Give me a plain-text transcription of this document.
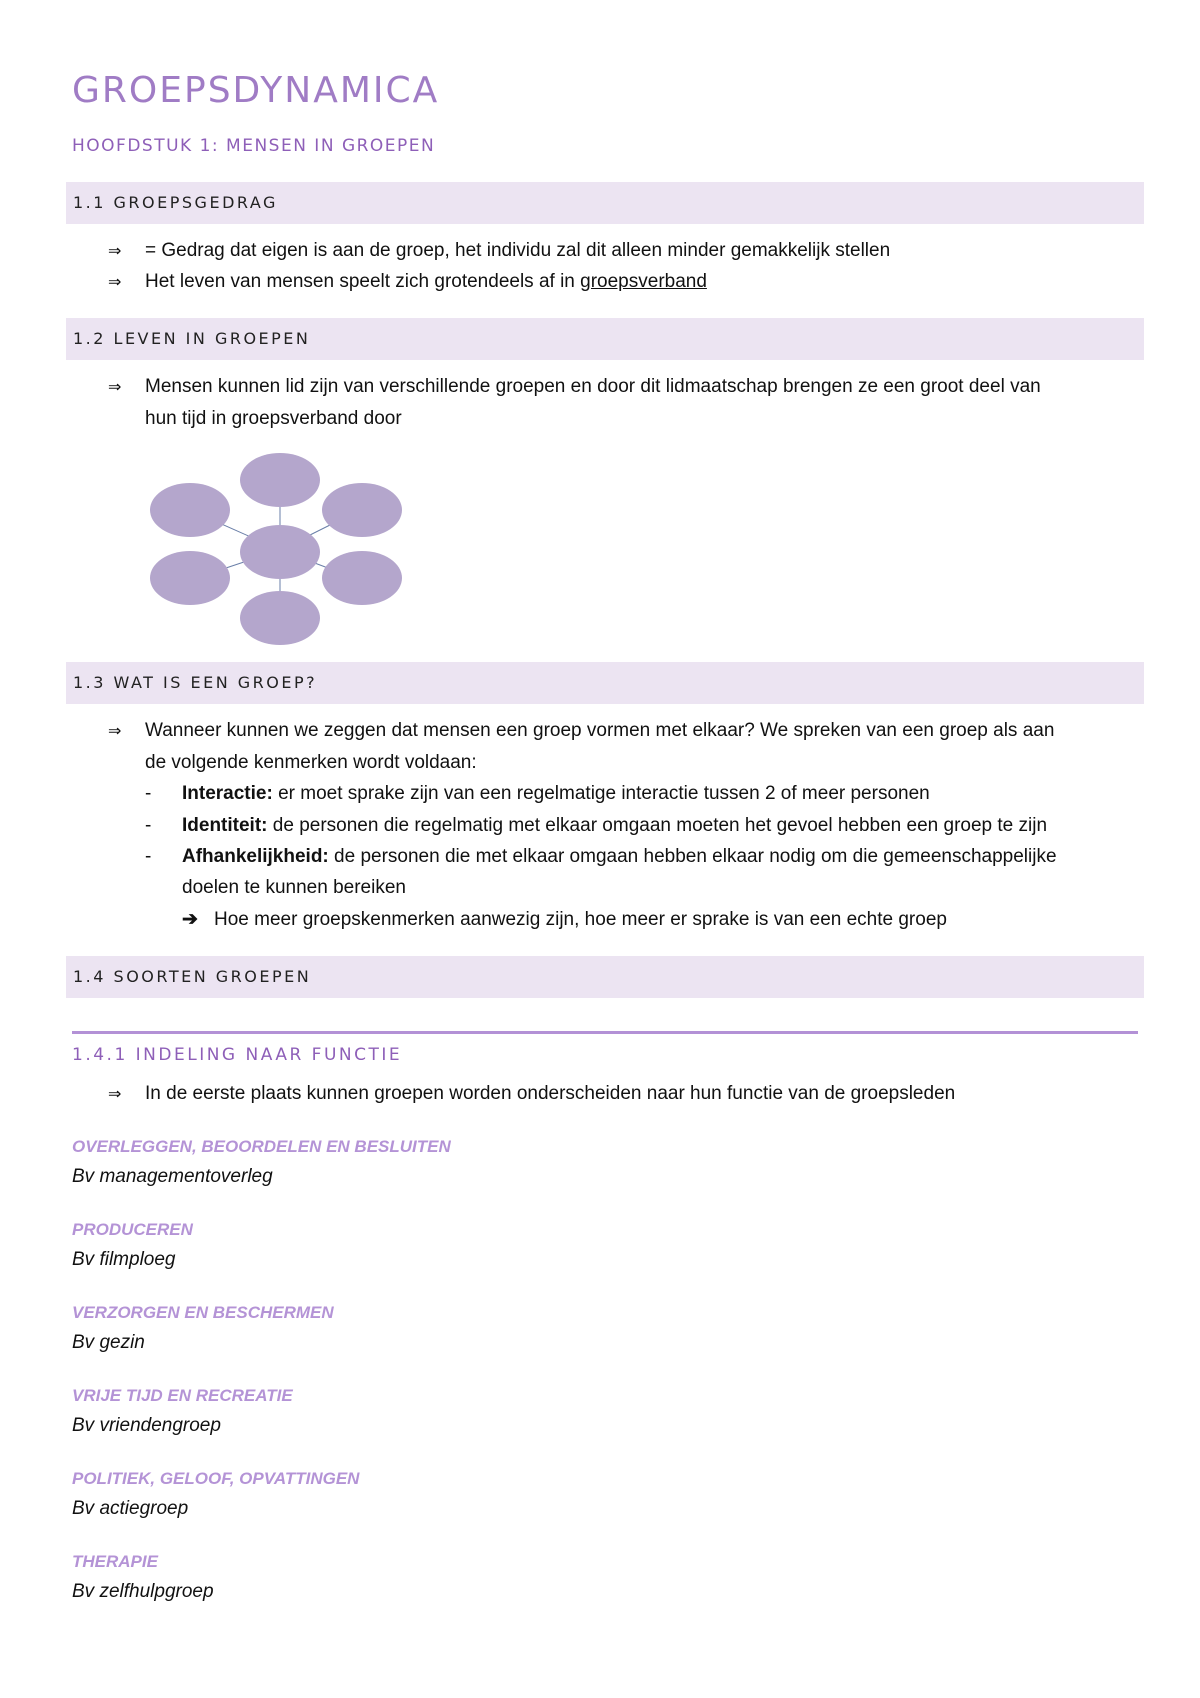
GROEPSDYNAMICA
HOOFDSTUK 1: MENSEN IN GROEPEN
1.1 GROEPSGEDRAG
⇒ = Gedrag dat eigen is aan de groep, het individu zal dit alleen minder gemakkelijk stellen
⇒ Het leven van mensen speelt zich grotendeels af in groepsverband
1.2 LEVEN IN GROEPEN
⇒ Mensen kunnen lid zijn van verschillende groepen en door dit lidmaatschap brengen ze een groot deel van
hun tijd in groepsverband door
1.3 WAT IS EEN GROEP?
⇒ Wanneer kunnen we zeggen dat mensen een groep vormen met elkaar? We spreken van een groep als aan
de volgende kenmerken wordt voldaan:
- Interactie: er moet sprake zijn van een regelmatige interactie tussen 2 of meer personen
- Identiteit: de personen die regelmatig met elkaar omgaan moeten het gevoel hebben een groep te zijn
- Afhankelijkheid: de personen die met elkaar omgaan hebben elkaar nodig om die gemeenschappelijke
doelen te kunnen bereiken
➔ Hoe meer groepskenmerken aanwezig zijn, hoe meer er sprake is van een echte groep
1.4 SOORTEN GROEPEN
1.4.1 INDELING NAAR FUNCTIE
⇒ In de eerste plaats kunnen groepen worden onderscheiden naar hun functie van de groepsleden
OVERLEGGEN, BEOORDELEN EN BESLUITEN
Bv managementoverleg
PRODUCEREN
Bv filmploeg
VERZORGEN EN BESCHERMEN
Bv gezin
VRIJE TIJD EN RECREATIE
Bv vriendengroep
POLITIEK, GELOOF, OPVATTINGEN
Bv actiegroep
THERAPIE
Bv zelfhulpgroep
